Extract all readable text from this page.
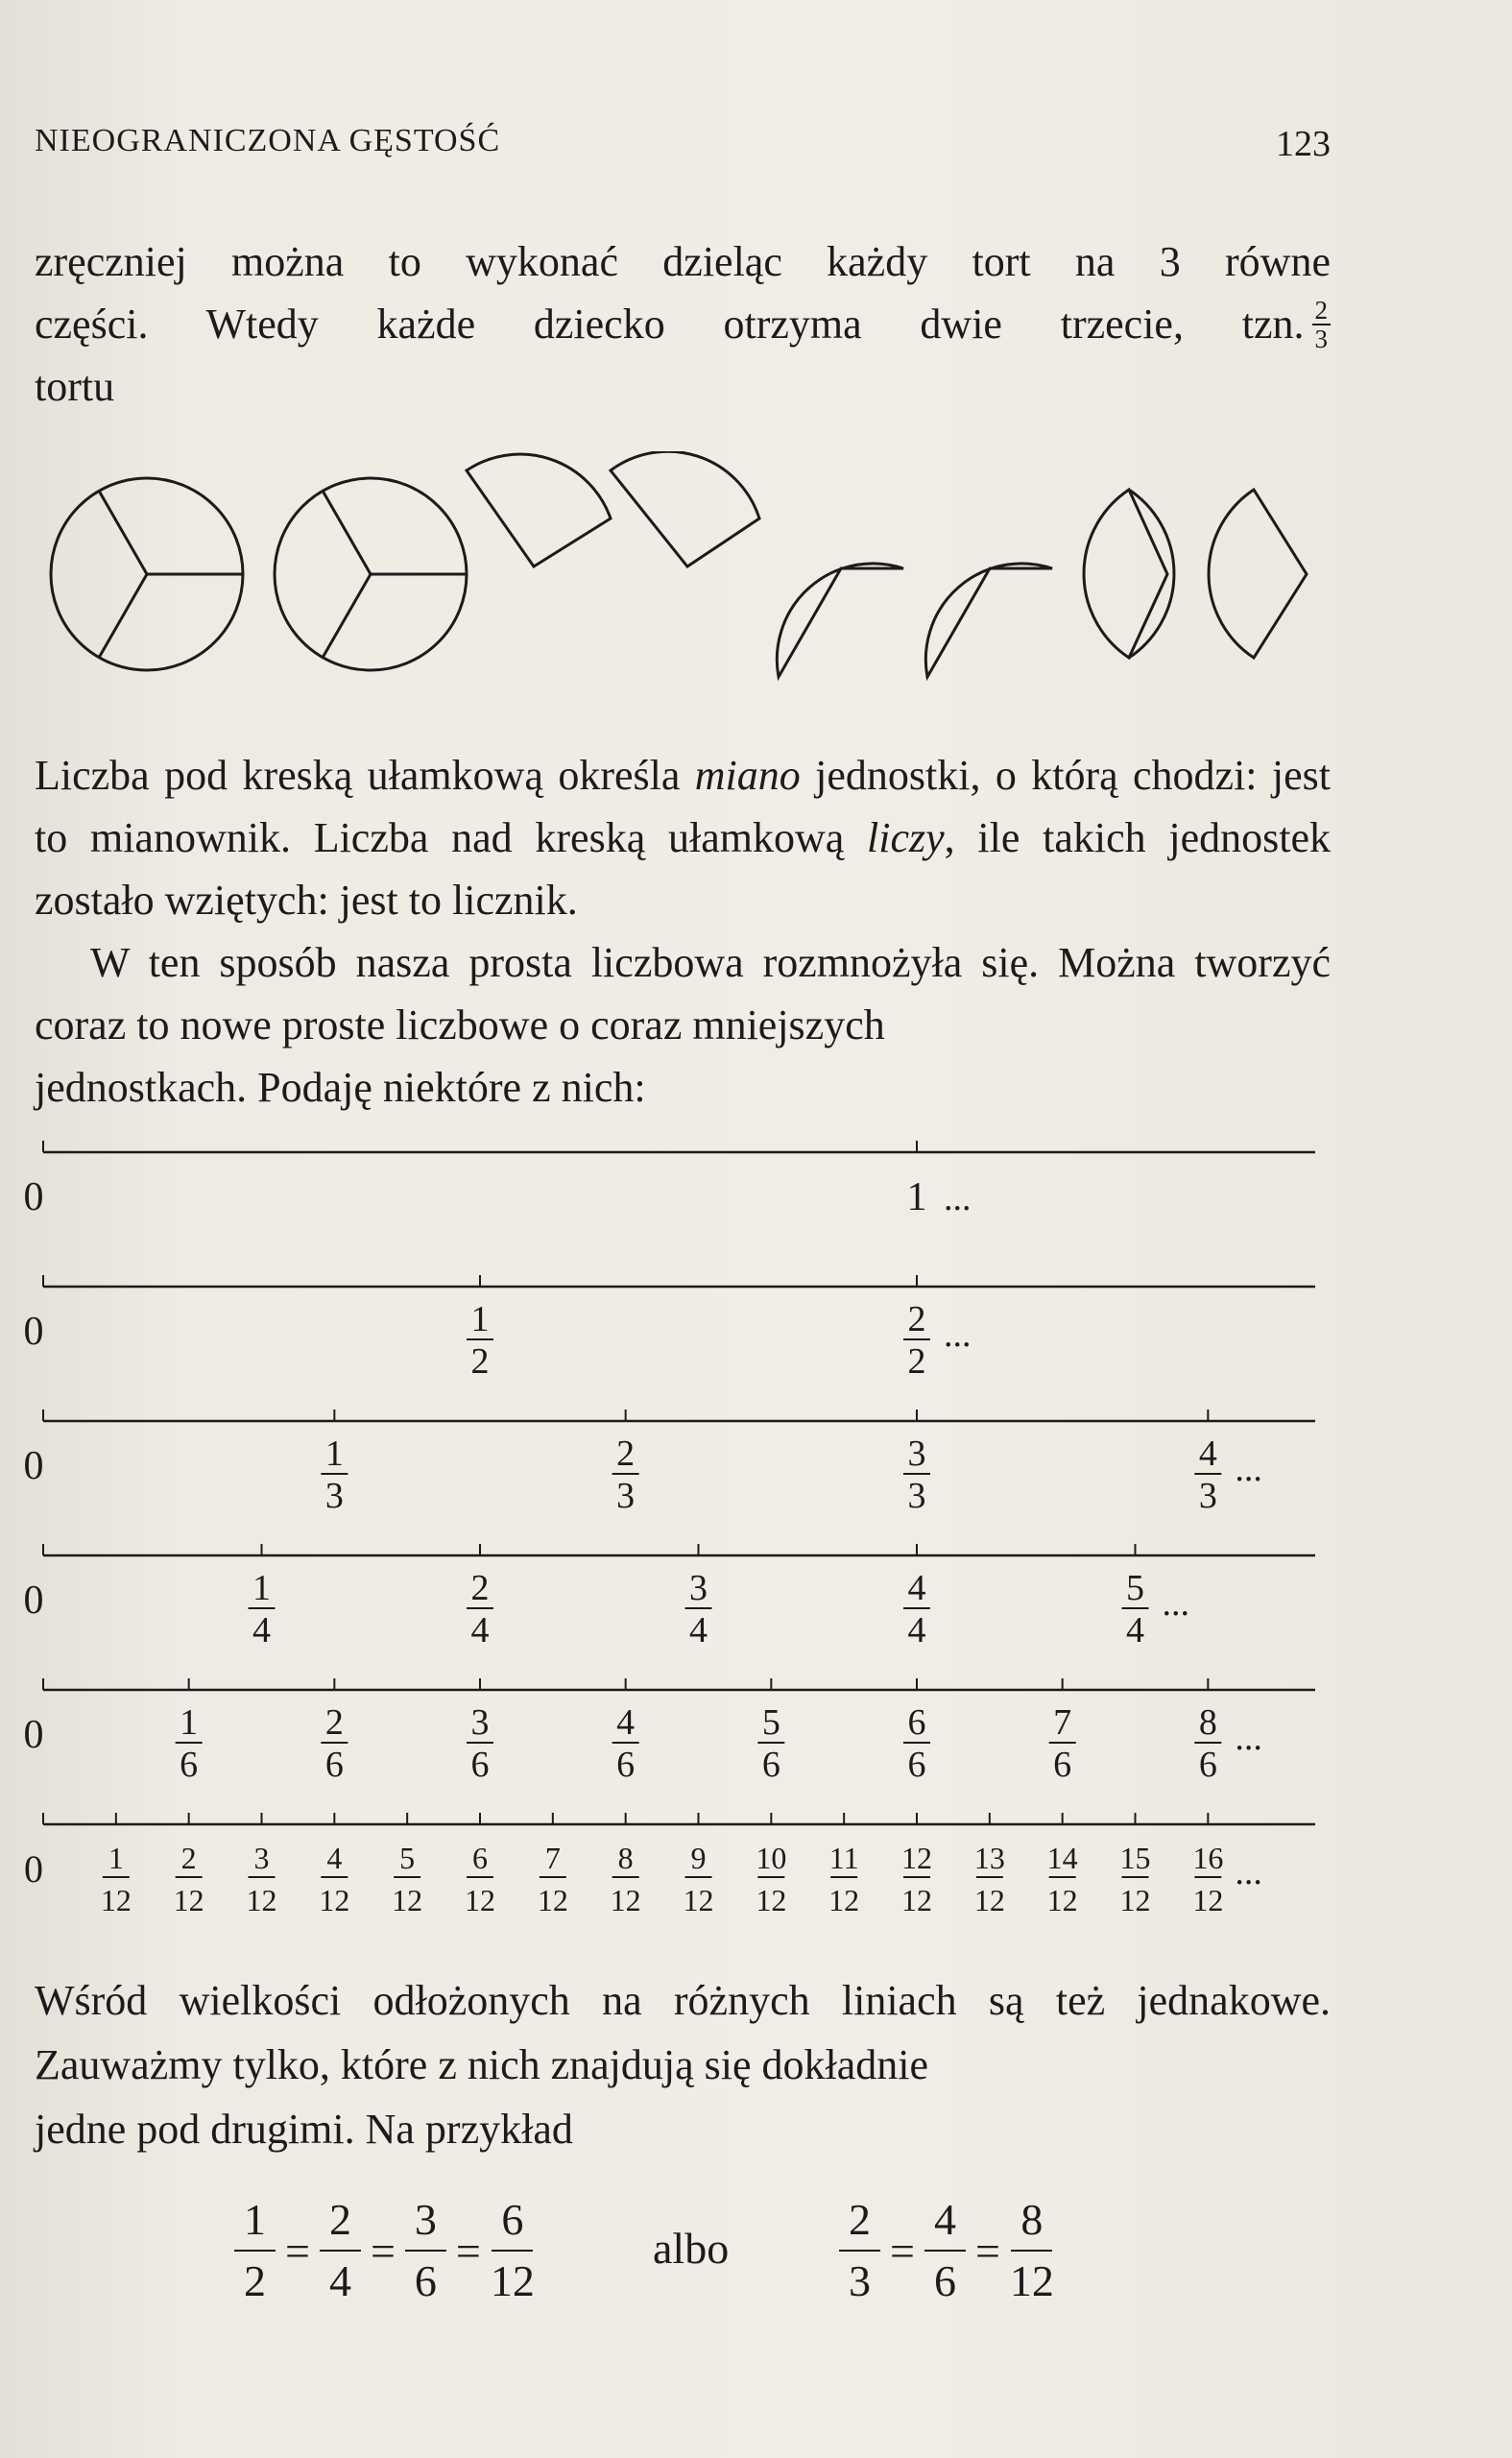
NIEOGRANICZONA GĘSTOŚĆ	123
zręczniej można to wykonać dzieląc każdy tort na 3 równe
części. Wtedy każde dziecko otrzyma dwie trzecie, tzn. $\frac{2}{3}$
tortu
Liczba pod kreską ułamkową określa miano jednostki, o którą chodzi: jest to mianownik. Liczba nad kreską ułamkową liczy, ile takich jednostek zostało wziętych: jest to licznik.
W ten sposób nasza prosta liczbowa rozmnożyła się. Można tworzyć coraz to nowe proste liczbowe o coraz mniejszych
jednostkach. Podaję niektóre z nich:
0	1 ...
0	1
2
2
2
...
0	1
3
2
3
3
3
4
3
...
0	1
4
2
4
3
4
4
4
5
4
...
0	1
6
2
6
3
6
4
6
5
6
6
6
7
6
8
6
...
0 1
12
2
12
3
12
4
12
5
12
6
12
7
12
8
12
9
12
10
12
11
12
12
12
13
12
14
12
15
12
16
12
...
Wśród wielkości odłożonych na różnych liniach są też jednakowe. Zauważmy tylko, które z nich znajdują się dokładnie
jedne pod drugimi. Na przykład
$\frac{1}{2} = \frac{2}{4} = \frac{3}{6} = \frac{6}{12}$	albo $\frac{2}{3} = \frac{4}{6} = \frac{8}{12}$
